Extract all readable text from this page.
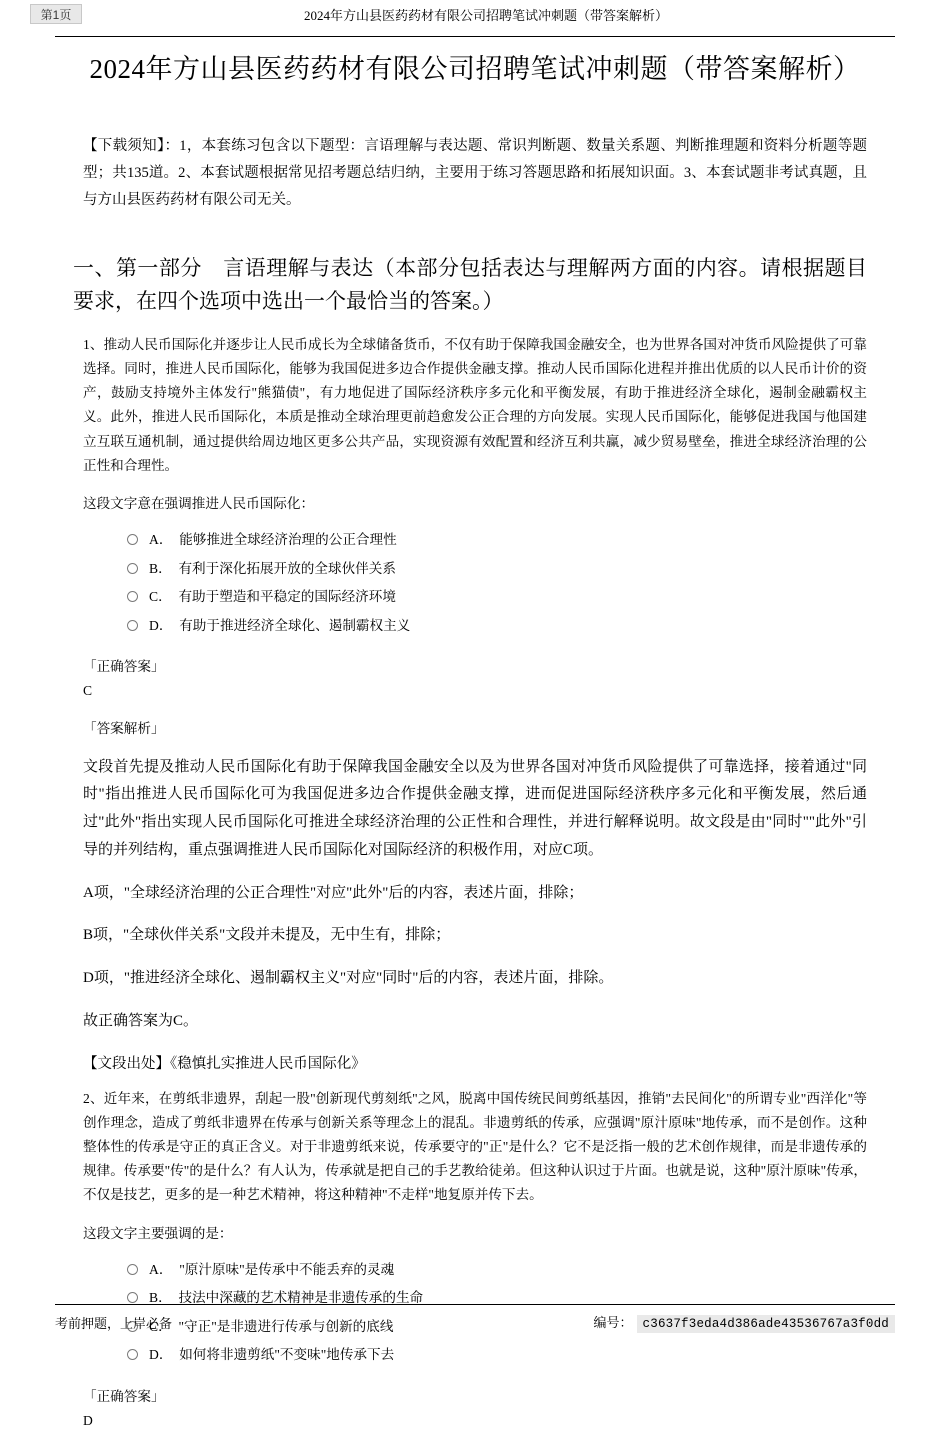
第1页	2024年方山县医药药材有限公司招聘笔试冲刺题（带答案解析）
2024年方山县医药药材有限公司招聘笔试冲刺题（带答案解析）
【下载须知】：1，本套练习包含以下题型：言语理解与表达题、常识判断题、数量关系题、判断推理题和资料分析题等题型；共135道。2、本套试题根据常见招考题总结归纳，主要用于练习答题思路和拓展知识面。3、本套试题非考试真题，且与方山县医药药材有限公司无关。
一、第一部分　言语理解与表达（本部分包括表达与理解两方面的内容。请根据题目要求，在四个选项中选出一个最恰当的答案。）

1、推动人民币国际化并逐步让人民币成长为全球储备货币，不仅有助于保障我国金融安全，也为世界各国对冲货币风险提供了可靠选择。同时，推进人民币国际化，能够为我国促进多边合作提供金融支撑。推动人民币国际化进程并推出优质的以人民币计价的资产，鼓励支持境外主体发行"熊猫债"，有力地促进了国际经济秩序多元化和平衡发展，有助于推进经济全球化，遏制金融霸权主义。此外，推进人民币国际化，本质是推动全球治理更前趋愈发公正合理的方向发展。实现人民币国际化，能够促进我国与他国建立互联互通机制，通过提供给周边地区更多公共产品，实现资源有效配置和经济互利共赢，减少贸易壁垒，推进全球经济治理的公正性和合理性。

这段文字意在强调推进人民币国际化：

A．　能够推进全球经济治理的公正合理性
B．　有利于深化拓展开放的全球伙伴关系
C．　有助于塑造和平稳定的国际经济环境
D．　有助于推进经济全球化、遏制霸权主义
「正确答案」

C

「答案解析」

文段首先提及推动人民币国际化有助于保障我国金融安全以及为世界各国对冲货币风险提供了可靠选择，接着通过"同时"指出推进人民币国际化可为我国促进多边合作提供金融支撑，进而促进国际经济秩序多元化和平衡发展，然后通过"此外"指出实现人民币国际化可推进全球经济治理的公正性和合理性，并进行解释说明。故文段是由"同时""此外"引导的并列结构，重点强调推进人民币国际化对国际经济的积极作用，对应C项。

A项，"全球经济治理的公正合理性"对应"此外"后的内容，表述片面，排除；

B项，"全球伙伴关系"文段并未提及，无中生有，排除；

D项，"推进经济全球化、遏制霸权主义"对应"同时"后的内容，表述片面，排除。

故正确答案为C。

【文段出处】《稳慎扎实推进人民币国际化》

2、近年来，在剪纸非遗界，刮起一股"创新现代剪刻纸"之风，脱离中国传统民间剪纸基因，推销"去民间化"的所谓专业"西洋化"等创作理念，造成了剪纸非遗界在传承与创新关系等理念上的混乱。非遗剪纸的传承，应强调"原汁原味"地传承，而不是创作。这种整体性的传承是守正的真正含义。对于非遗剪纸来说，传承要守的"正"是什么？它不是泛指一般的艺术创作规律，而是非遗传承的规律。传承要"传"的是什么？有人认为，传承就是把自己的手艺教给徒弟。但这种认识过于片面。也就是说，这种"原汁原味"传承，不仅是技艺，更多的是一种艺术精神，将这种精神"不走样"地复原并传下去。

这段文字主要强调的是：

A．　"原汁原味"是传承中不能丢弃的灵魂
B．　技法中深藏的艺术精神是非遗传承的生命
C．　"守正"是非遗进行传承与创新的底线
D．　如何将非遗剪纸"不变味"地传承下去
「正确答案」

D

考前押题，上岸必备	编号： c3637f3eda4d386ade43536767a3f0dd
